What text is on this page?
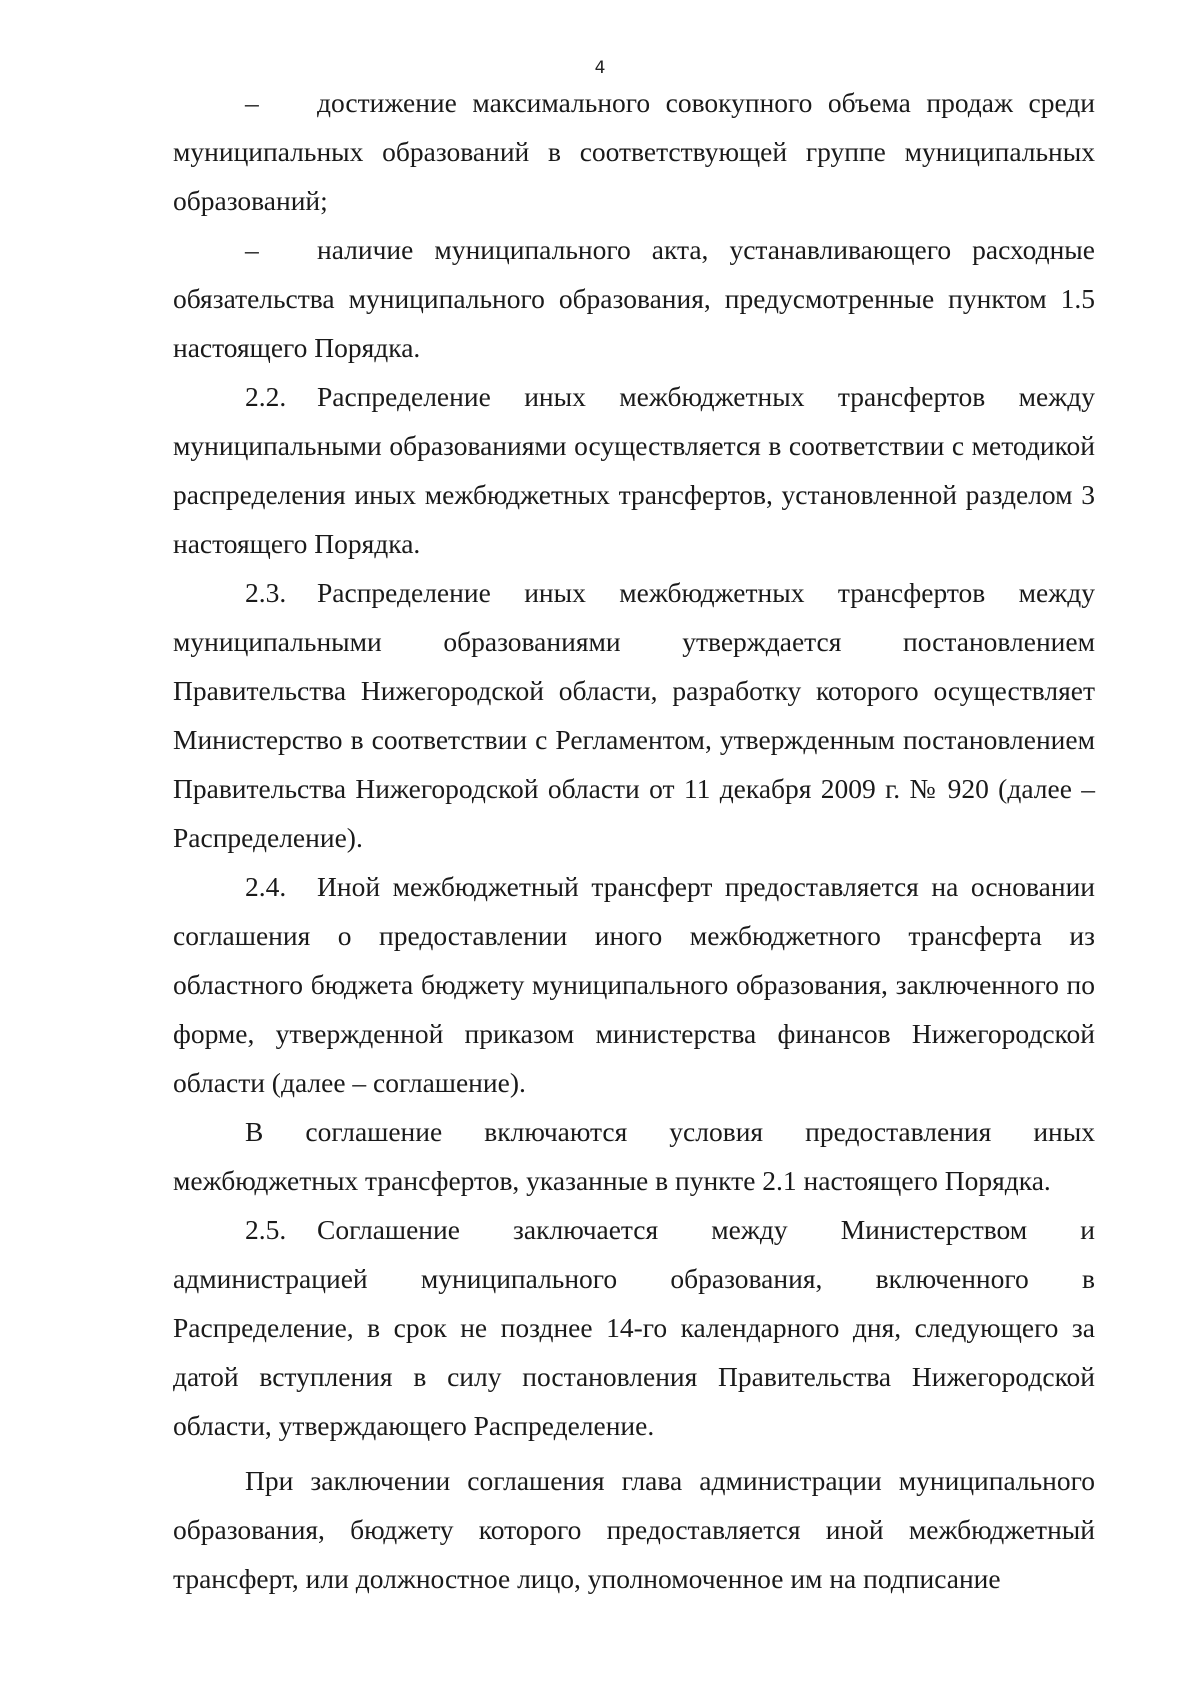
4

– достижение максимального совокупного объема продаж среди муниципальных образований в соответствующей группе муниципальных образований;

– наличие муниципального акта, устанавливающего расходные обязательства муниципального образования, предусмотренные пунктом 1.5 настоящего Порядка.

2.2. Распределение иных межбюджетных трансфертов между муниципальными образованиями осуществляется в соответствии с методикой распределения иных межбюджетных трансфертов, установленной разделом 3 настоящего Порядка.

2.3. Распределение иных межбюджетных трансфертов между муниципальными образованиями утверждается постановлением Правительства Нижегородской области, разработку которого осуществляет Министерство в соответствии с Регламентом, утвержденным постановлением Правительства Нижегородской области от 11 декабря 2009 г. № 920 (далее – Распределение).

2.4. Иной межбюджетный трансферт предоставляется на основании соглашения о предоставлении иного межбюджетного трансферта из областного бюджета бюджету муниципального образования, заключенного по форме, утвержденной приказом министерства финансов Нижегородской области (далее – соглашение).

В соглашение включаются условия предоставления иных межбюджетных трансфертов, указанные в пункте 2.1 настоящего Порядка.

2.5. Соглашение заключается между Министерством и администрацией муниципального образования, включенного в Распределение, в срок не позднее 14-го календарного дня, следующего за датой вступления в силу постановления Правительства Нижегородской области, утверждающего Распределение.

При заключении соглашения глава администрации муниципального образования, бюджету которого предоставляется иной межбюджетный трансферт, или должностное лицо, уполномоченное им на подписание
